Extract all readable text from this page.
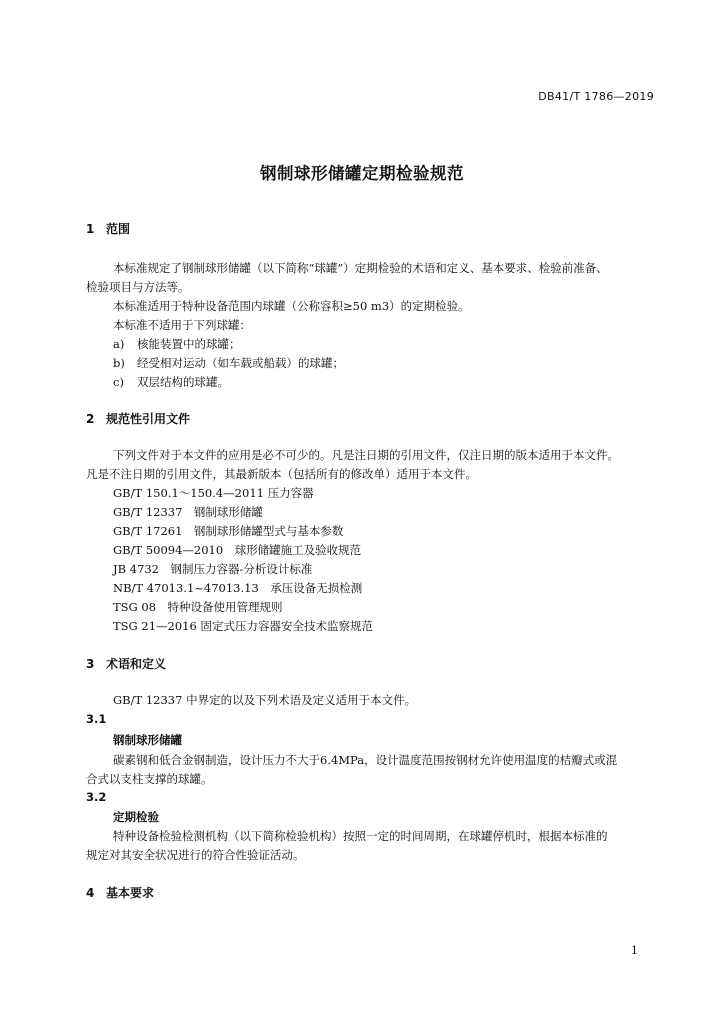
DB41/T 1786—2019
钢制球形储罐定期检验规范
1 范围
本标准规定了钢制球形储罐（以下简称“球罐”）定期检验的术语和定义、基本要求、检验前准备、
检验项目与方法等。
本标准适用于特种设备范围内球罐（公称容积≥50 m3）的定期检验。
本标准不适用于下列球罐：
a) 核能装置中的球罐；
b) 经受相对运动（如车载或船载）的球罐；
c) 双层结构的球罐。
2 规范性引用文件
下列文件对于本文件的应用是必不可少的。凡是注日期的引用文件，仅注日期的版本适用于本文件。
凡是不注日期的引用文件，其最新版本（包括所有的修改单）适用于本文件。
GB/T 150.1～150.4—2011 压力容器
GB/T 12337　钢制球形储罐
GB/T 17261　钢制球形储罐型式与基本参数
GB/T 50094—2010　球形储罐施工及验收规范
JB 4732　钢制压力容器-分析设计标准
NB/T 47013.1~47013.13　承压设备无损检测
TSG 08　特种设备使用管理规则
TSG 21—2016 固定式压力容器安全技术监察规范
3 术语和定义
GB/T 12337 中界定的以及下列术语及定义适用于本文件。
3.1
钢制球形储罐
碳素钢和低合金钢制造，设计压力不大于6.4MPa，设计温度范围按钢材允许使用温度的桔瓣式或混
合式以支柱支撑的球罐。
3.2
定期检验
特种设备检验检测机构（以下简称检验机构）按照一定的时间周期，在球罐停机时，根据本标准的
规定对其安全状况进行的符合性验证活动。
4 基本要求
1
